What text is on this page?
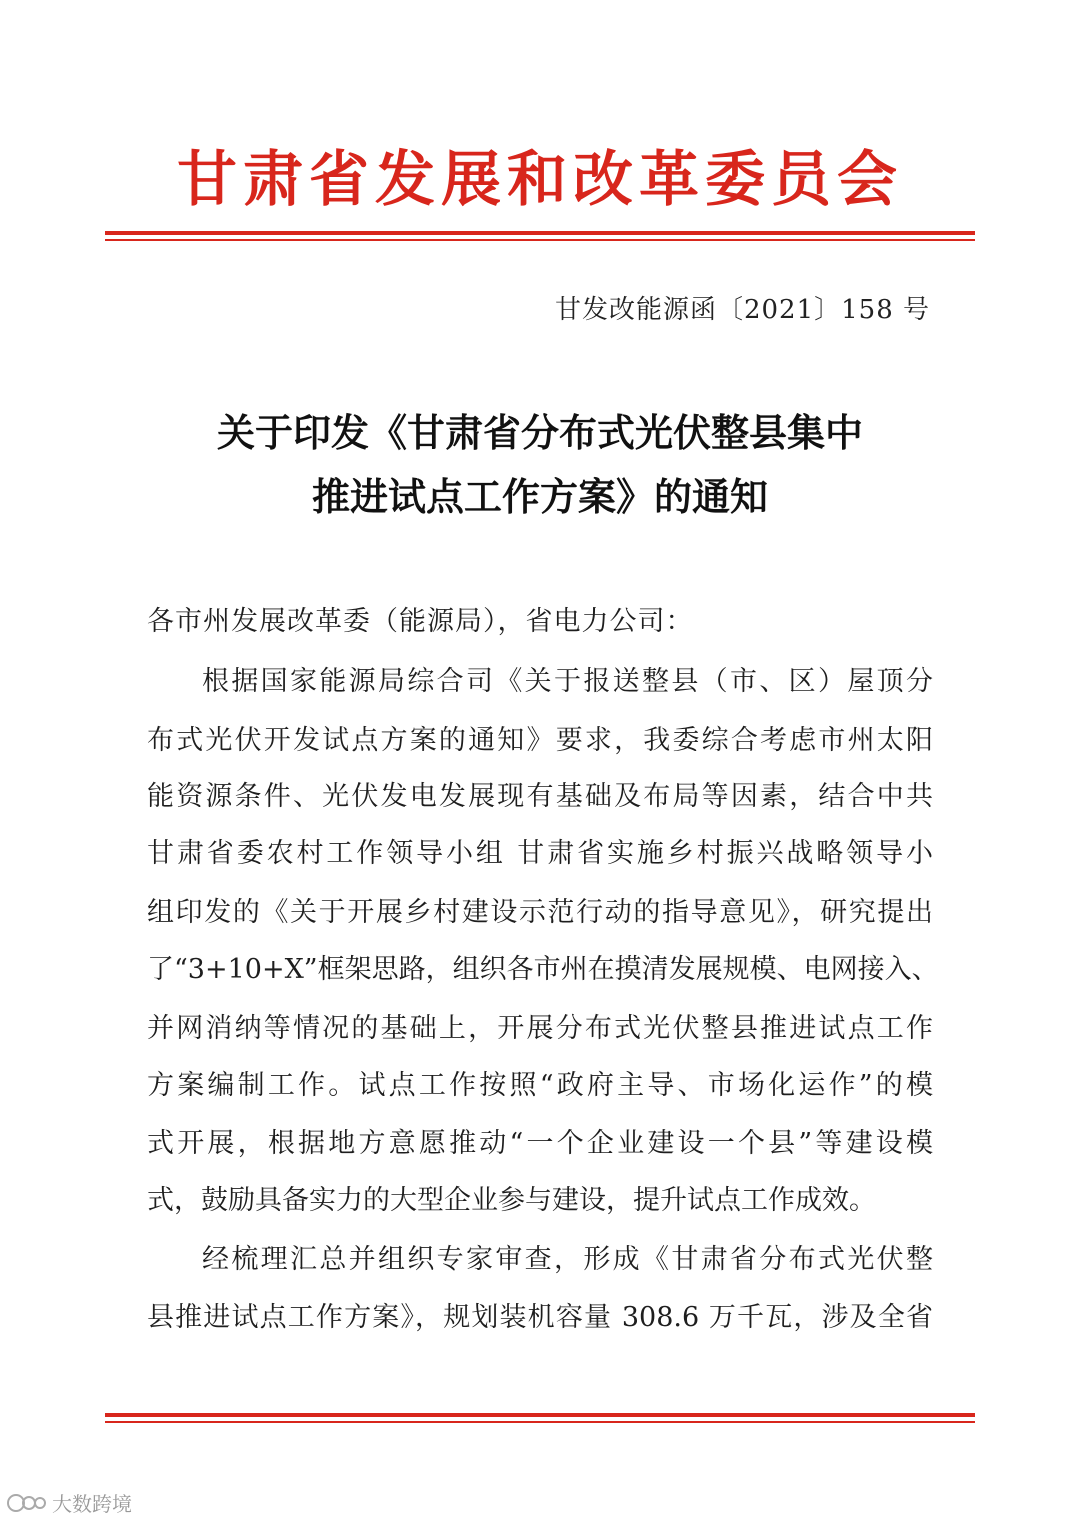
甘肃省发展和改革委员会
甘发改能源函〔2021〕158 号
关于印发《甘肃省分布式光伏整县集中
推进试点工作方案》的通知
各市州发展改革委（能源局），省电力公司：
根据国家能源局综合司《关于报送整县（市、区）屋顶分
布式光伏开发试点方案的通知》要求，我委综合考虑市州太阳
能资源条件、光伏发电发展现有基础及布局等因素，结合中共
甘肃省委农村工作领导小组 甘肃省实施乡村振兴战略领导小
组印发的《关于开展乡村建设示范行动的指导意见》，研究提出
了“3+10+X”框架思路，组织各市州在摸清发展规模、电网接入、
并网消纳等情况的基础上，开展分布式光伏整县推进试点工作
方案编制工作。试点工作按照“政府主导、市场化运作”的模
式开展，根据地方意愿推动“一个企业建设一个县”等建设模
式，鼓励具备实力的大型企业参与建设，提升试点工作成效。
经梳理汇总并组织专家审查，形成《甘肃省分布式光伏整
县推进试点工作方案》，规划装机容量 308.6 万千瓦，涉及全省
大数跨境
